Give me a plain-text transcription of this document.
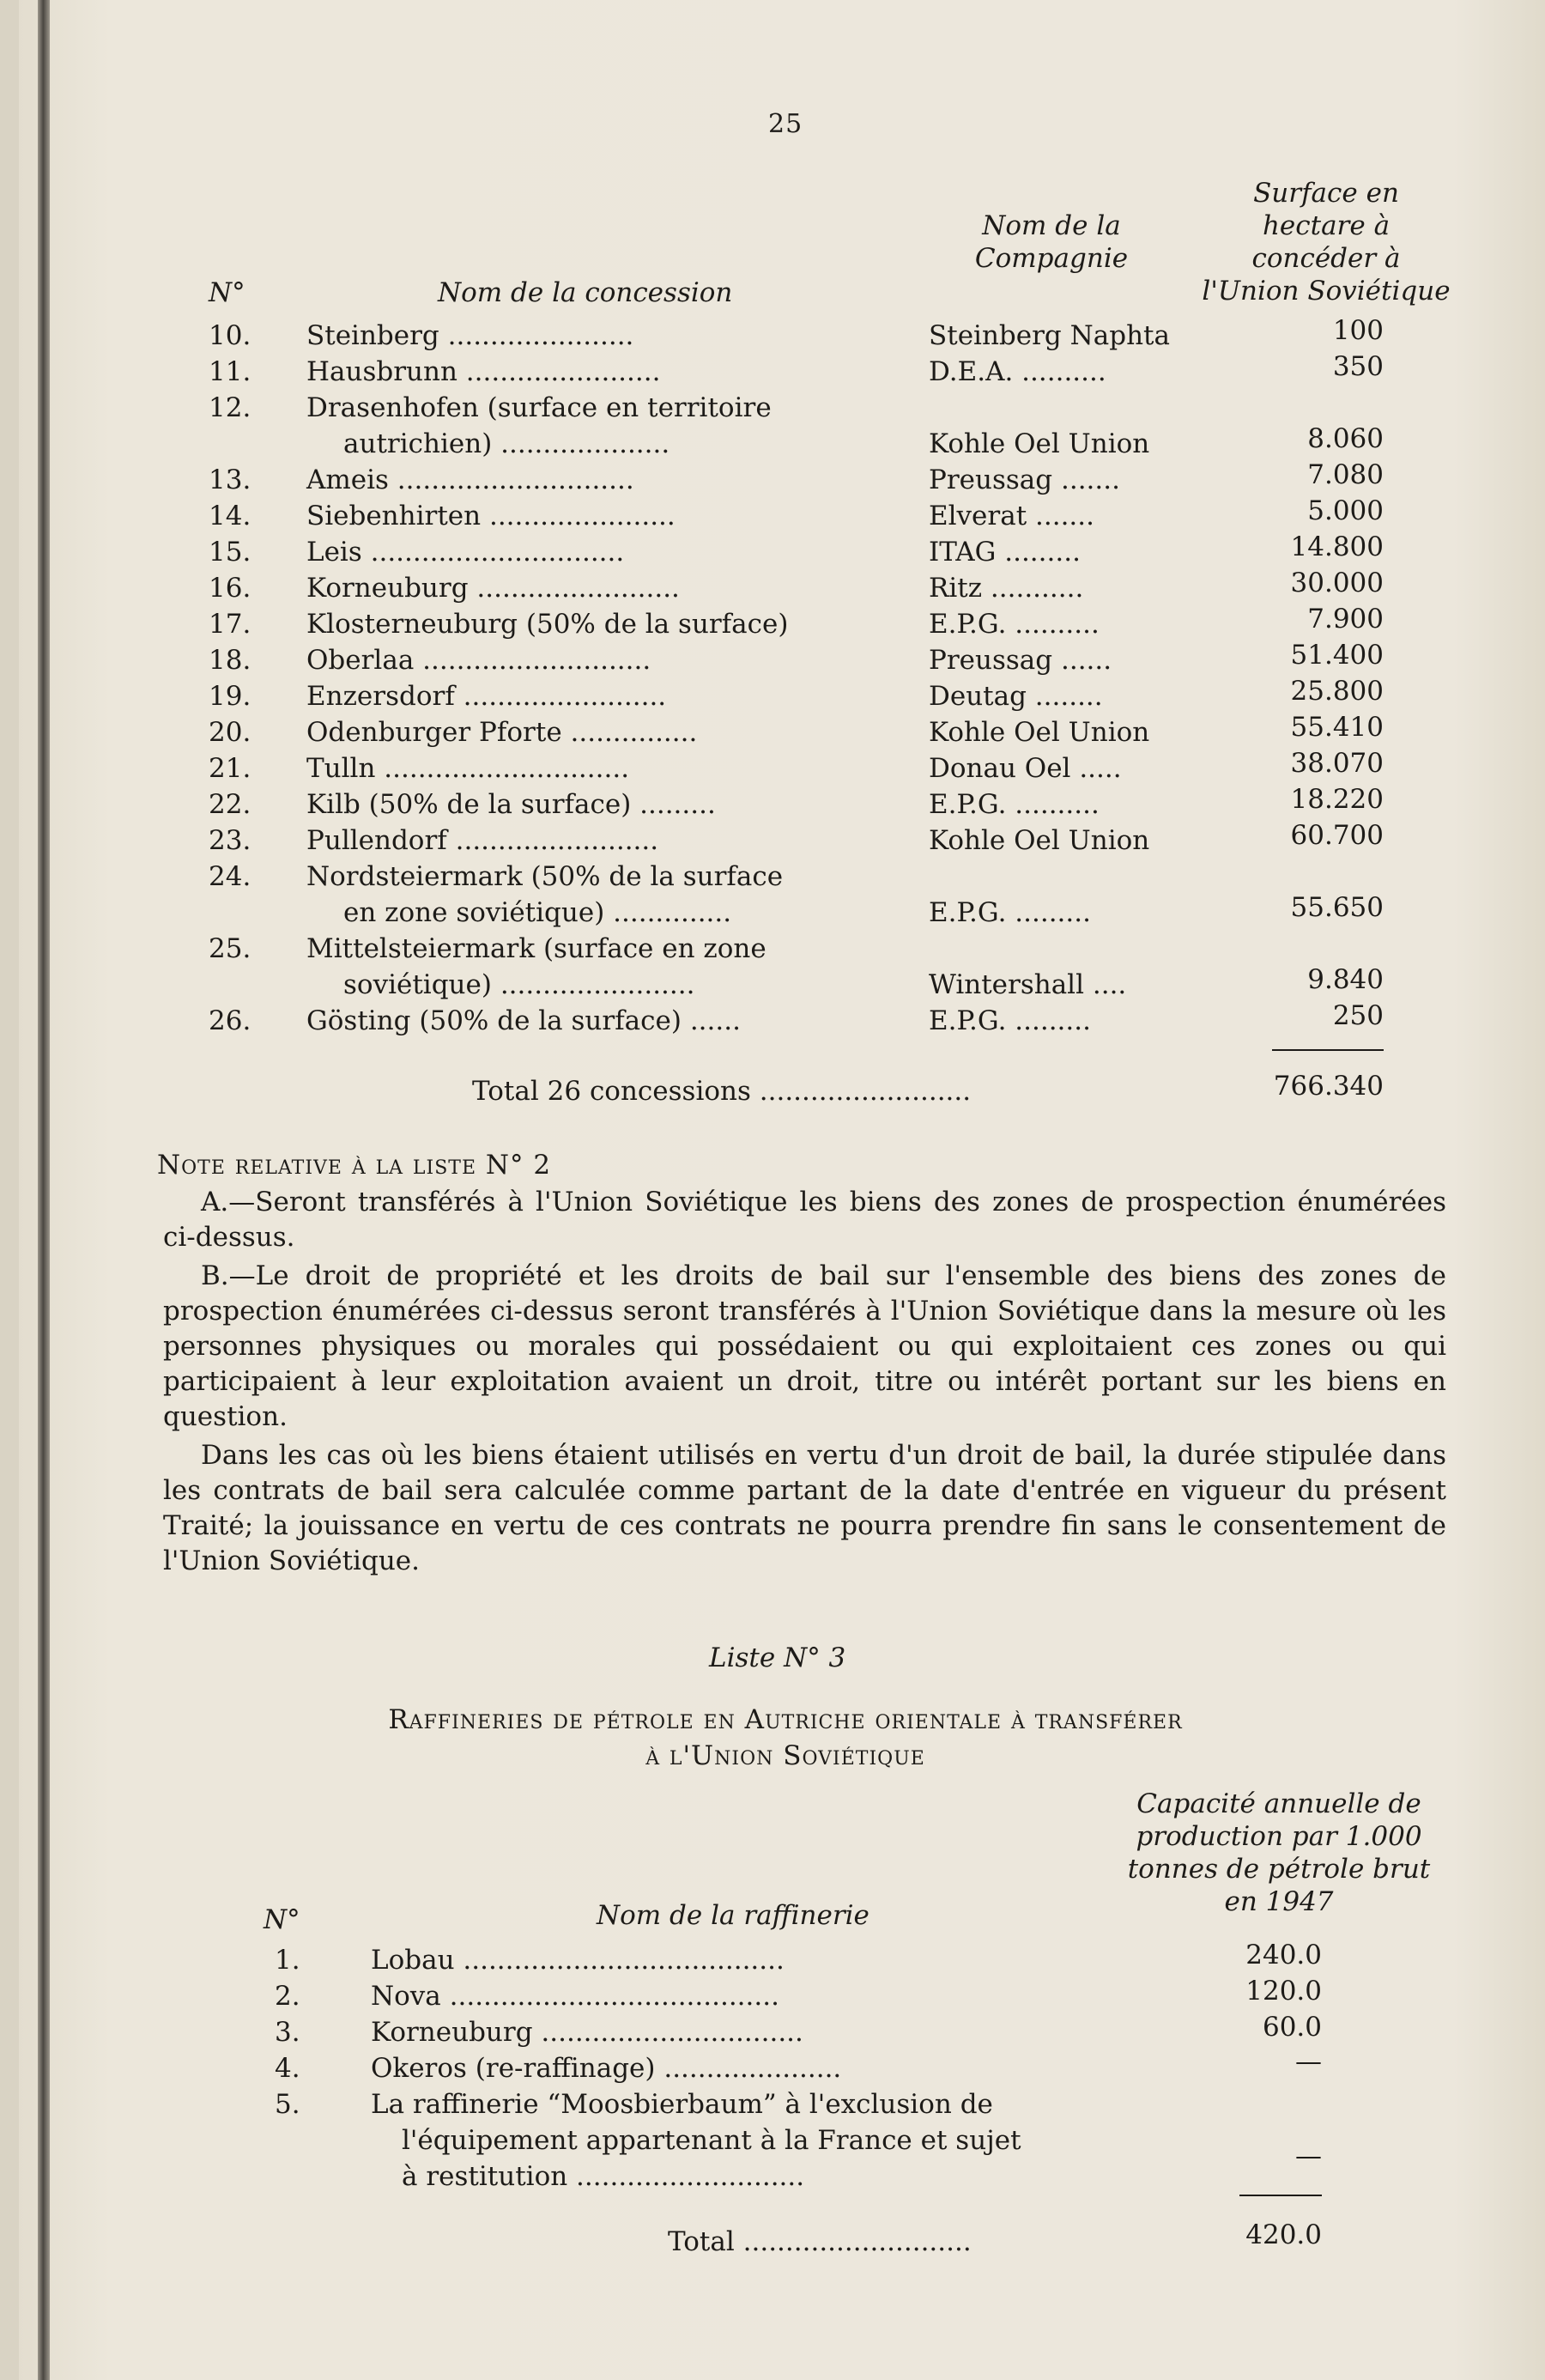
25
N°	Nom de la concession
Nom de la Compagnie
Surface en hectare à concéder à l'Union Soviétique
10. Steinberg ......................	Steinberg Naphta	100
11. Hausbrunn .......................	D.E.A. ..........	350
12. Drasenhofen (surface en territoire
autrichien) ....................	Kohle Oel Union	8.060
13. Ameis ............................	Preussag .......	7.080
14. Siebenhirten ......................	Elverat .......	5.000
15. Leis ..............................	ITAG .........	14.800
16. Korneuburg ........................	Ritz ...........	30.000
17. Klosterneuburg (50% de la surface)	E.P.G. ..........	7.900
18. Oberlaa ...........................	Preussag ......	51.400
19. Enzersdorf ........................	Deutag ........	25.800
20. Odenburger Pforte ...............	Kohle Oel Union	55.410
21. Tulln .............................	Donau Oel .....	38.070
22. Kilb (50% de la surface) .........	E.P.G. ..........	18.220
23. Pullendorf ........................	Kohle Oel Union	60.700
24. Nordsteiermark (50% de la surface
en zone soviétique) ..............	E.P.G. .........	55.650
25. Mittelsteiermark (surface en zone
soviétique) .......................	Wintershall ....	9.840
26. Gösting (50% de la surface) ......	E.P.G. .........	250
Total 26 concessions .........................	766.340
Note relative à la liste N° 2

A.—Seront transférés à l'Union Soviétique les biens des zones de prospection énumérées ci-dessus.

B.—Le droit de propriété et les droits de bail sur l'ensemble des biens des zones de prospection énumérées ci-dessus seront transférés à l'Union Soviétique dans la mesure où les personnes physiques ou morales qui possédaient ou qui exploitaient ces zones ou qui participaient à leur exploitation avaient un droit, titre ou intérêt portant sur les biens en question.

Dans les cas où les biens étaient utilisés en vertu d'un droit de bail, la durée stipulée dans les contrats de bail sera calculée comme partant de la date d'entrée en vigueur du présent Traité; la jouissance en vertu de ces contrats ne pourra prendre fin sans le consentement de l'Union Soviétique.

Liste N° 3
Raffineries de pétrole en Autriche orientale à transférer
à l'Union Soviétique
Capacité annuelle de production par 1.000 tonnes de pétrole brut en 1947
N°	Nom de la raffinerie
1.	Lobau ......................................	240.0
2.	Nova .......................................	120.0
3.	Korneuburg ...............................	60.0
4.	Okeros (re-raffinage) .....................	—
5.	La raffinerie “Moosbierbaum” à l'exclusion de
l'équipement appartenant à la France et sujet
à restitution ...........................
—
Total ...........................	420.0
